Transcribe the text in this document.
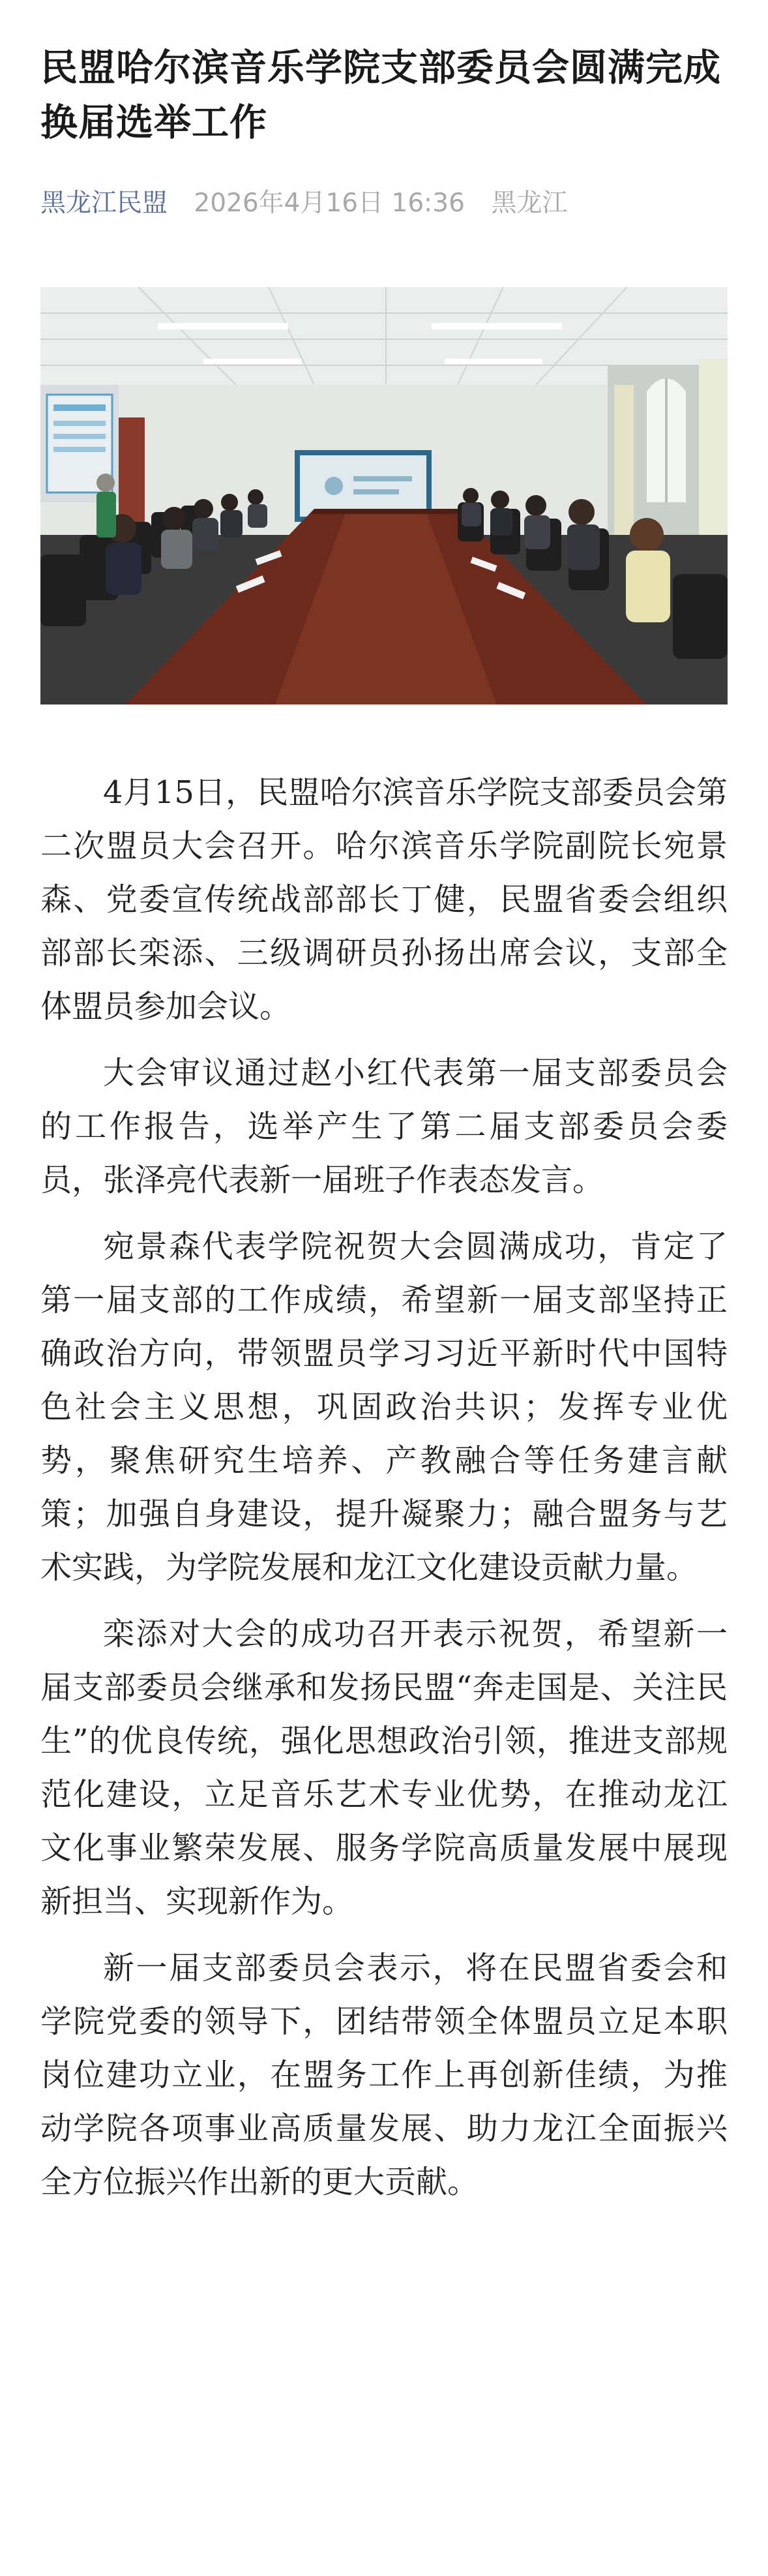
民盟哈尔滨音乐学院支部委员会圆满完成换届选举工作
黑龙江民盟 2026年4月16日 16:36 黑龙江

4月15日，民盟哈尔滨音乐学院支部委员会第二次盟员大会召开。哈尔滨音乐学院副院长宛景森、党委宣传统战部部长丁健，民盟省委会组织部部长栾添、三级调研员孙扬出席会议，支部全体盟员参加会议。

大会审议通过赵小红代表第一届支部委员会的工作报告，选举产生了第二届支部委员会委员，张泽亮代表新一届班子作表态发言。

宛景森代表学院祝贺大会圆满成功，肯定了第一届支部的工作成绩，希望新一届支部坚持正确政治方向，带领盟员学习习近平新时代中国特色社会主义思想，巩固政治共识；发挥专业优势，聚焦研究生培养、产教融合等任务建言献策；加强自身建设，提升凝聚力；融合盟务与艺术实践，为学院发展和龙江文化建设贡献力量。

栾添对大会的成功召开表示祝贺，希望新一届支部委员会继承和发扬民盟“奔走国是、关注民生”的优良传统，强化思想政治引领，推进支部规范化建设，立足音乐艺术专业优势，在推动龙江文化事业繁荣发展、服务学院高质量发展中展现新担当、实现新作为。

新一届支部委员会表示，将在民盟省委会和学院党委的领导下，团结带领全体盟员立足本职岗位建功立业，在盟务工作上再创新佳绩，为推动学院各项事业高质量发展、助力龙江全面振兴全方位振兴作出新的更大贡献。
